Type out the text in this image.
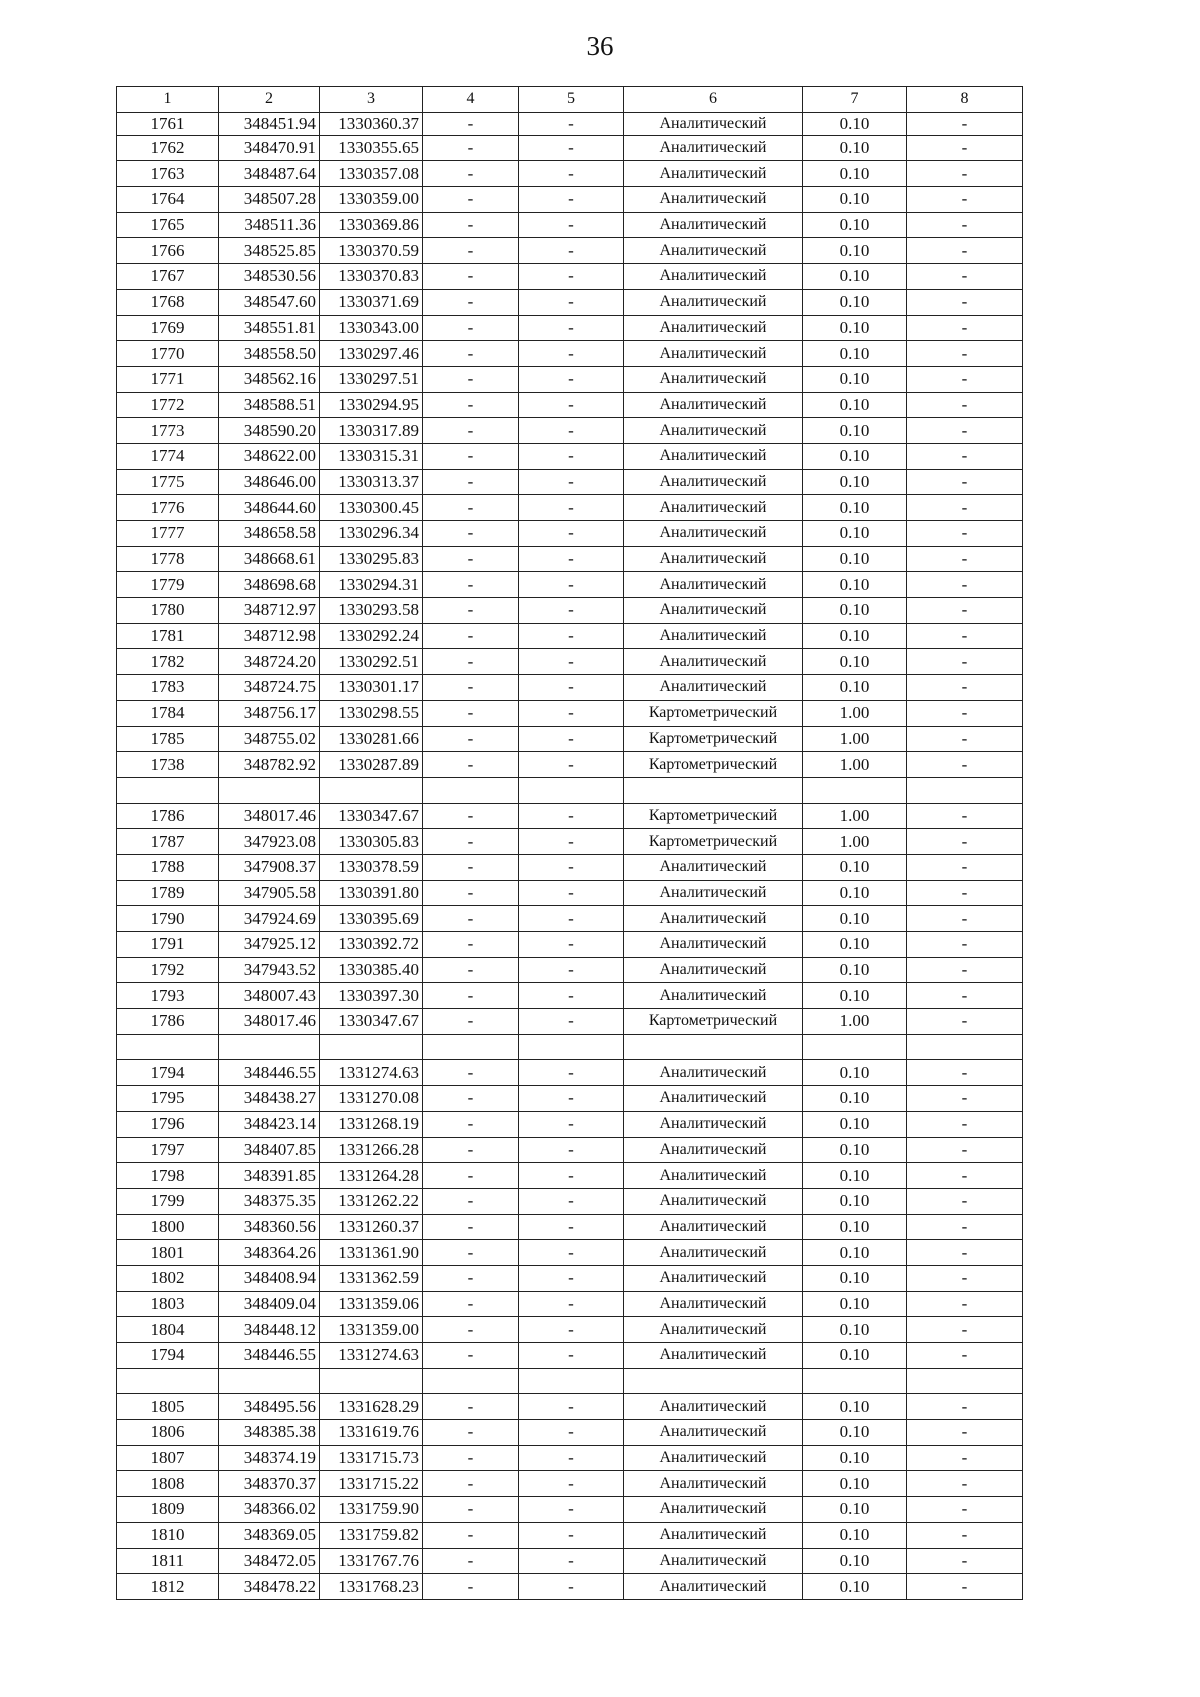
36
1	2	3	4	5	6	7	8
1761	348451.94	1330360.37	-	-	Аналитический	0.10	-
1762	348470.91	1330355.65	-	-	Аналитический	0.10	-
1763	348487.64	1330357.08	-	-	Аналитический	0.10	-
1764	348507.28	1330359.00	-	-	Аналитический	0.10	-
1765	348511.36	1330369.86	-	-	Аналитический	0.10	-
1766	348525.85	1330370.59	-	-	Аналитический	0.10	-
1767	348530.56	1330370.83	-	-	Аналитический	0.10	-
1768	348547.60	1330371.69	-	-	Аналитический	0.10	-
1769	348551.81	1330343.00	-	-	Аналитический	0.10	-
1770	348558.50	1330297.46	-	-	Аналитический	0.10	-
1771	348562.16	1330297.51	-	-	Аналитический	0.10	-
1772	348588.51	1330294.95	-	-	Аналитический	0.10	-
1773	348590.20	1330317.89	-	-	Аналитический	0.10	-
1774	348622.00	1330315.31	-	-	Аналитический	0.10	-
1775	348646.00	1330313.37	-	-	Аналитический	0.10	-
1776	348644.60	1330300.45	-	-	Аналитический	0.10	-
1777	348658.58	1330296.34	-	-	Аналитический	0.10	-
1778	348668.61	1330295.83	-	-	Аналитический	0.10	-
1779	348698.68	1330294.31	-	-	Аналитический	0.10	-
1780	348712.97	1330293.58	-	-	Аналитический	0.10	-
1781	348712.98	1330292.24	-	-	Аналитический	0.10	-
1782	348724.20	1330292.51	-	-	Аналитический	0.10	-
1783	348724.75	1330301.17	-	-	Аналитический	0.10	-
1784	348756.17	1330298.55	-	-	Картометрический	1.00	-
1785	348755.02	1330281.66	-	-	Картометрический	1.00	-
1738	348782.92	1330287.89	-	-	Картометрический	1.00	-

1786	348017.46	1330347.67	-	-	Картометрический	1.00	-
1787	347923.08	1330305.83	-	-	Картометрический	1.00	-
1788	347908.37	1330378.59	-	-	Аналитический	0.10	-
1789	347905.58	1330391.80	-	-	Аналитический	0.10	-
1790	347924.69	1330395.69	-	-	Аналитический	0.10	-
1791	347925.12	1330392.72	-	-	Аналитический	0.10	-
1792	347943.52	1330385.40	-	-	Аналитический	0.10	-
1793	348007.43	1330397.30	-	-	Аналитический	0.10	-
1786	348017.46	1330347.67	-	-	Картометрический	1.00	-

1794	348446.55	1331274.63	-	-	Аналитический	0.10	-
1795	348438.27	1331270.08	-	-	Аналитический	0.10	-
1796	348423.14	1331268.19	-	-	Аналитический	0.10	-
1797	348407.85	1331266.28	-	-	Аналитический	0.10	-
1798	348391.85	1331264.28	-	-	Аналитический	0.10	-
1799	348375.35	1331262.22	-	-	Аналитический	0.10	-
1800	348360.56	1331260.37	-	-	Аналитический	0.10	-
1801	348364.26	1331361.90	-	-	Аналитический	0.10	-
1802	348408.94	1331362.59	-	-	Аналитический	0.10	-
1803	348409.04	1331359.06	-	-	Аналитический	0.10	-
1804	348448.12	1331359.00	-	-	Аналитический	0.10	-
1794	348446.55	1331274.63	-	-	Аналитический	0.10	-

1805	348495.56	1331628.29	-	-	Аналитический	0.10	-
1806	348385.38	1331619.76	-	-	Аналитический	0.10	-
1807	348374.19	1331715.73	-	-	Аналитический	0.10	-
1808	348370.37	1331715.22	-	-	Аналитический	0.10	-
1809	348366.02	1331759.90	-	-	Аналитический	0.10	-
1810	348369.05	1331759.82	-	-	Аналитический	0.10	-
1811	348472.05	1331767.76	-	-	Аналитический	0.10	-
1812	348478.22	1331768.23	-	-	Аналитический	0.10	-
